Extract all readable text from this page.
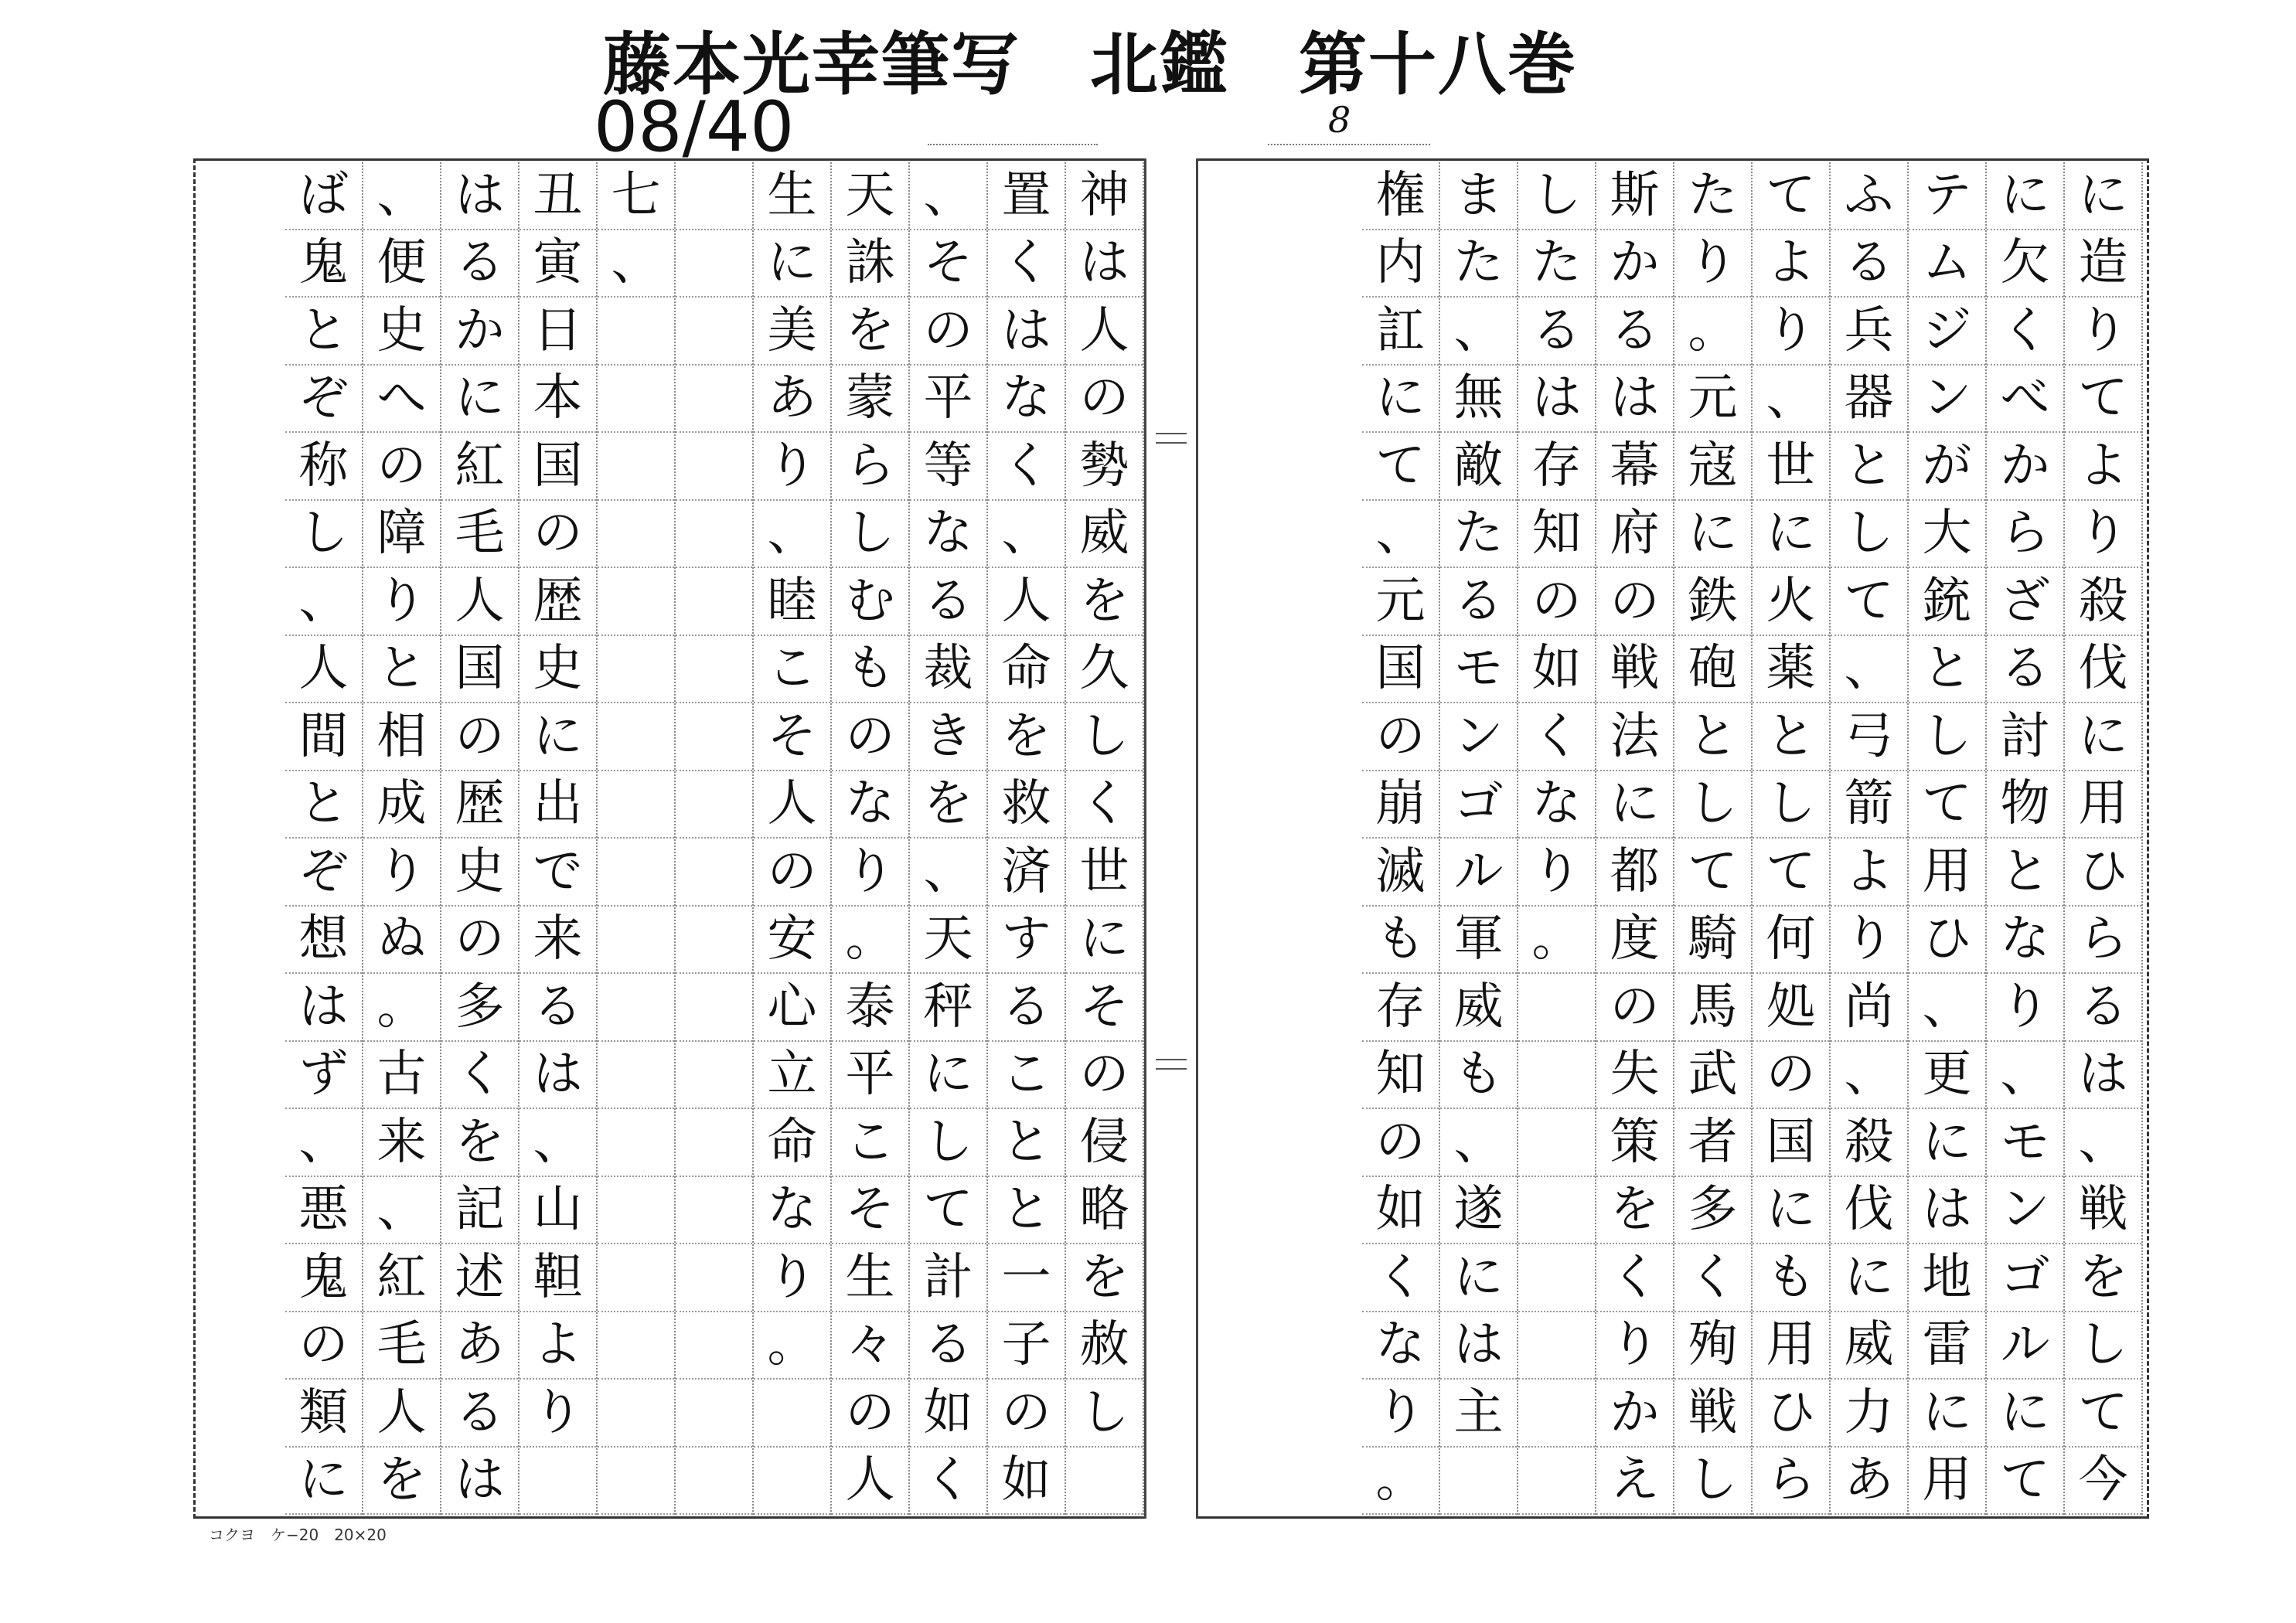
藤本光幸筆写　北鑑　第十八巻
08/40	8
に
造
り
て
よ
り
殺
伐
に
用
ひ
ら
る
は
、
戦
を
し
て
今
に
欠
く
べ
か
ら
ざ
る
討
物
と
な
り
、
モ
ン
ゴ
ル
に
て
テ
ム
ジ
ン
が
大
銃
と
し
て
用
ひ
、
更
に
は
地
雷
に
用
ふ
る
兵
器
と
し
て
、
弓
箭
よ
り
尚
、
殺
伐
に
威
力
あ
て
よ
り
、
世
に
火
薬
と
し
て
何
処
の
国
に
も
用
ひ
ら
た
り
。
元
寇
に
鉄
砲
と
し
て
騎
馬
武
者
多
く
殉
戦
し
斯
か
る
は
幕
府
の
戦
法
に
都
度
の
失
策
を
く
り
か
え
し
た
る
は
存
知
の
如
く
な
り
。
ま
た
、
無
敵
た
る
モ
ン
ゴ
ル
軍
威
も
、
遂
に
は
主
権
内
訌
に
て
、
元
国
の
崩
滅
も
存
知
の
如
く
な
り
。
神
は
人
の
勢
威
を
久
し
く
世
に
そ
の
侵
略
を
赦
し
置
く
は
な
く
、
人
命
を
救
済
す
る
こ
と
と
一
子
の
如
、
そ
の
平
等
な
る
裁
き
を
、
天
秤
に
し
て
計
る
如
く
天
誅
を
蒙
ら
し
む
も
の
な
り
。
泰
平
こ
そ
生
々
の
人
生
に
美
あ
り
、
睦
こ
そ
人
の
安
心
立
命
な
り
。
七
、
丑
寅
日
本
国
の
歴
史
に
出
で
来
る
は
、
山
靼
よ
り
は
る
か
に
紅
毛
人
国
の
歴
史
の
多
く
を
記
述
あ
る
は
、
便
史
へ
の
障
り
と
相
成
り
ぬ
。
古
来
、
紅
毛
人
を
ば
鬼
と
ぞ
称
し
、
人
間
と
ぞ
想
は
ず
、
悪
鬼
の
類
に
コクヨ　ケ−20　20×20
